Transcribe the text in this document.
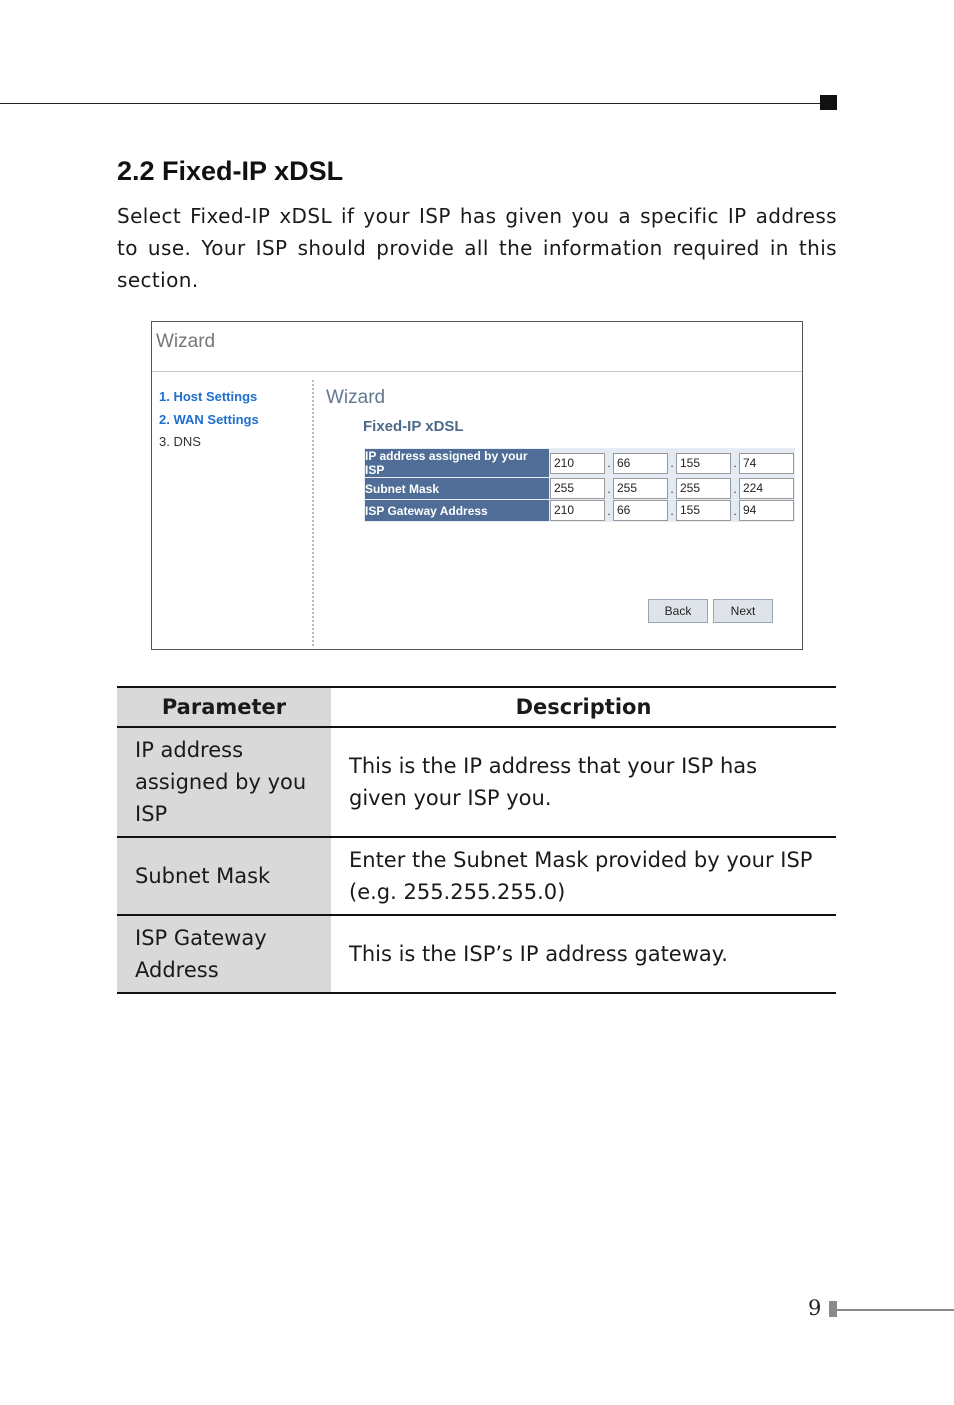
2.2 Fixed-IP xDSL

Select Fixed-IP xDSL if your ISP has given you a specific IP address to use. Your ISP should provide all the information required in this section.

Wizard
1. Host Settings
2. WAN Settings
3. DNS
Wizard
Fixed-IP xDSL
IP address assigned by your ISP	210 . 66 . 155 . 74
Subnet Mask	255 . 255 . 255 . 224
ISP Gateway Address	210 . 66 . 155 . 94
Back	Next
Parameter	Description
IP address assigned by you ISP	This is the IP address that your ISP has given your ISP you.
Subnet Mask	Enter the Subnet Mask provided by your ISP (e.g. 255.255.255.0)
ISP Gateway Address	This is the ISP’s IP address gateway.
9
